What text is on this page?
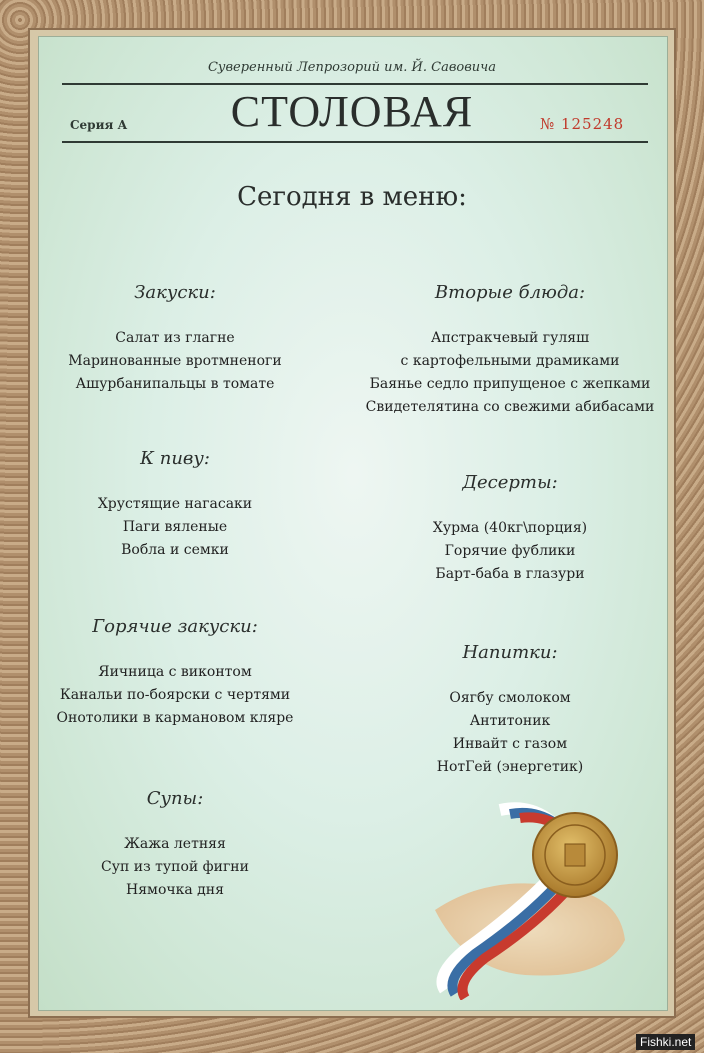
Суверенный Лепрозорий им. Й. Савовича
СТОЛОВАЯ
Серия А	№ 125248
Сегодня в меню:
Закуски:
Салат из глагне
Маринованные вротмненоги
Ашурбанипальцы в томате
К пиву:
Хрустящие нагасаки
Паги вяленые
Вобла и семки
Горячие закуски:
Яичница с виконтом
Канальи по-боярски с чертями
Онотолики в кармановом кляре
Супы:
Жажа летняя
Суп из тупой фигни
Нямочка дня
Вторые блюда:
Апстракчевый гуляш
с картофельными драмиками
Баянье седло припущеное с жепками
Свидетелятина со свежими абибасами
Десерты:
Хурма (40кг\порция)
Горячие фублики
Барт-баба в глазури
Напитки:
Оягбу смолоком
Антитоник
Инвайт с газом
НотГей (энергетик)
Fishki.net
